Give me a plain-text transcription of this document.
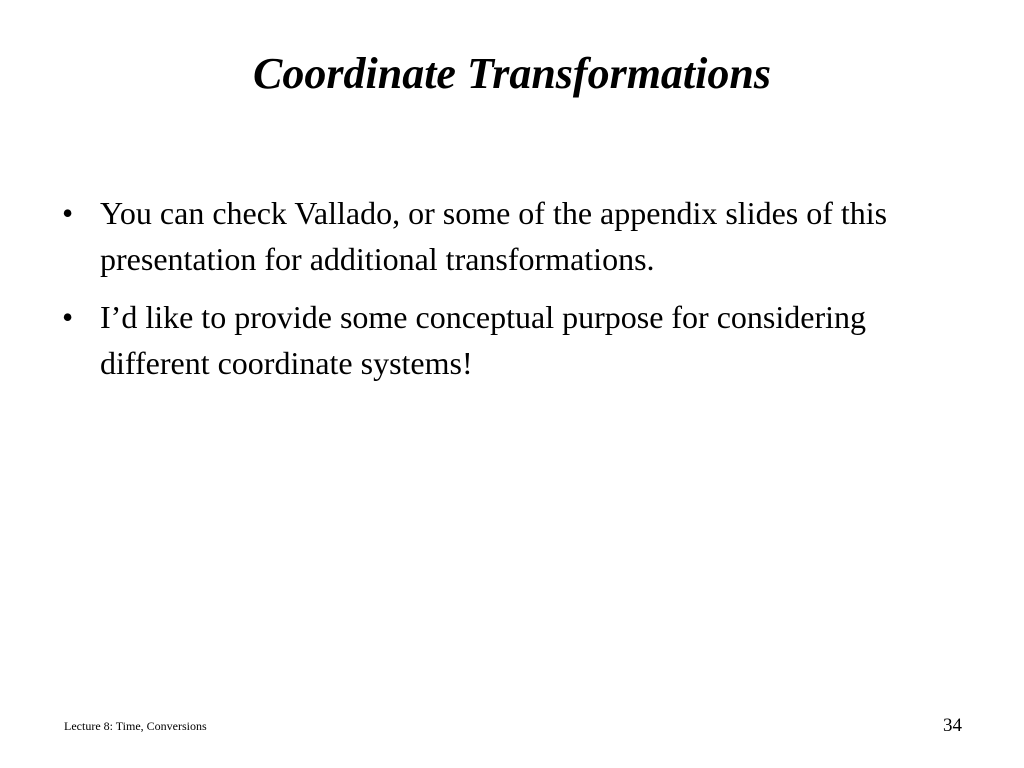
Coordinate Transformations
• You can check Vallado, or some of the appendix slides of this presentation for additional transformations.
• I’d like to provide some conceptual purpose for considering different coordinate systems!
Lecture 8: Time, Conversions	34
